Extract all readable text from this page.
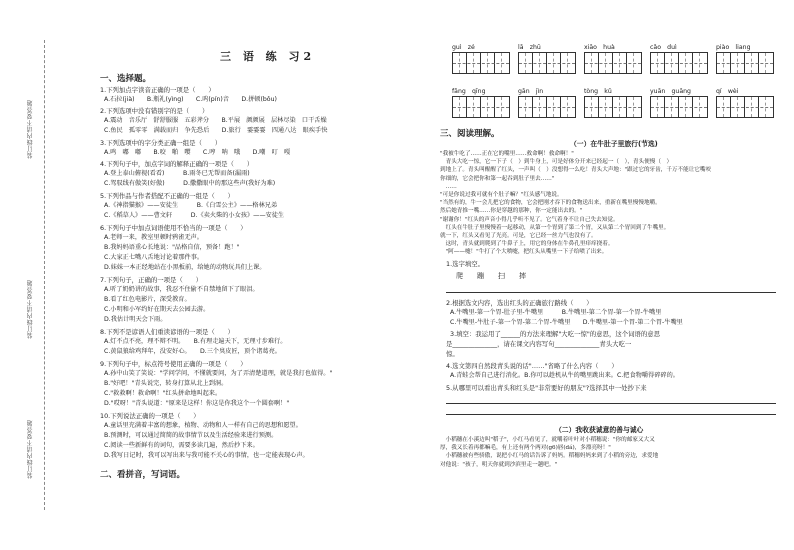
装订线内请不要答题
装订线内请不要答题
装订线内请不要答题
三 语 练 习2
一、选择题。
1.下列加点字读音正确的一项是（　　）
A.石拉(jià)　　B.瓶礼(yìng)　　C.呜(pín)音　　D.拼顿(bǒu)
2.下列选项中没有错别字的是（　　）
A.震动　音乐厅　舒舒服服　五彩斧分　　B.平展　颜颜展　层林尽染　口干舌燥
C.鱼民　孤零零　满载而归　争先恐后　　D.旅行　霎霎霎　四通八达　眼疾手快
3.下列选项中的字分类正确一组是（　　）
A.鸣　嘟　嘟　　B.咬　啪　嘤　　C.哼　呐　哦　　D.嘲　叮　嘎
4.下列句子中，加点字词的解释正确的一项是（　　）
A.登上泰山俯视(看看)　　　B.雨冬已无帮而备(漏雨)
C.驾驭线有傲笑(好傲)　　　D.撒撒眼中的那这些声(我好为难)
5.下列作品与作者搭配不正确的一组是（　　）
A.《神指猫猴》——安徒生　　　B.《白雪公主》——格林兄弟
C.《稻草人》——曹文轩　　　D.《卖火柴的小女孩》——安徒生
6.下列句子中加点词语使用不恰当的一项是（　　）
A.老师一来，教室里顿时鸦雀无声。
B.我妈妈语重心长地说："品格自信，预备！跑！"
C.大家正七嘴八舌地讨论着那件事。
D.妹妹一本正经地站在小黑板前，给她的动物玩具们上课。
7.下列句子，正确的一项是（　　）
A.听了奶奶讲的故事，我忍不住偷不自禁地留下了眼泪。
B.看了红色电影片，深受教育。
C.小明和小军约好在期天去公园去游。
D.我估计明天会下雨。
8.下列不是谚语人们重读谚语的一项是（　　）
A.灯不点不亮，理不辩不明。　　B.有理走遍天下，无理寸步难行。
C.黄鼠狼给鸡拜年，没安好心。　　D.三个臭皮匠，顶个诸葛亮。
9.下列句子中，标点符号使用正确的一项是（　　）
A.孙中山笑了笑说："学问学问，不懂就要问，为了弄清楚道理，就是我打也值得。"
B."好吧！"青头说完，转身打算从北上到洞。
C."救救啊！救命啊！"红头拼命地叫起来。
D."哎呀！"青头说道："原来是这样！你这是你我这个一个圆套啊！"
10.下列说法正确的一项是（　　）
A.童话里充满着丰富的想象，植物、动物和人一样有自己的思想和愿望。
B.预测时，可以通过简简的故事情节以及生活经验来进行预测。
C.阅读一些新鲜有的词句，需要多读几遍，然后抄下来。
D.我写日记时，我可以写出来与我可能不关心的事情，也一定能表现心声。
二、看拼音，写词语。
guì　zé	lā　zhū	xiāo　huà	cǎo　duì	piào　liang
fāng　qīng	gān　jìn	tòng　kǔ	yuān　guāng	qí　wèi
三、阅读理解。
（一）在牛肚子里旅行(节选)
"我被牛吃了……正在它的嘴里……救命啊！救命啊！"
　青头大吃一惊，它一下子（　）到牛身上，可是好体分开来已经起一（　），青头便慢（　）
到地上了。青头叫醒醒了红头，一声叫（　）没想得一么吃！青头大声地："跟过它的牙齿，千万不能让它嘴咬
你细的，它会把你和第一起吞到肚子里去……"
　……
"可是你说过我可就有个肚子嘛？"红头感气地说。
"当然有的，牛一会儿把它的食物，它会把刚才吞下的食物送出来，重新在嘴里慢慢地嚼。
然后她青推一嘴……你是穿越的那种，你一定能出去的。"
"谢谢你！"红头的声音小得几乎听不见了。它气着身不让自己失去知觉。
　红头在牛肚子里慢慢着一起移动，从第一个胃到了第二个胃，又从第二个胃回到了牛嘴里。
就一下，红头又看见了光亮。可是，它已经一丝力气也没有了。
　这时，青头就到爬到了牛鼻子上，用它的身体在牛鼻孔里痒痒挠着。
　"阿——嚏！"牛打了个大喷嚏，把红头从嘴里一下子给喷了出来。
1.选字填空。
爬　　蹦　　扫　　摔
2.根据选文内容，选出红头的正确旅行路线（　　）
A.牛嘴里-第一个胃-肚子里-牛嘴里　　　B.牛嘴里-第二个胃-第一个胃-牛嘴里
C.牛嘴里-牛肚子-第一个胃-第二个胃-牛嘴里　　D.牛嘴里-第一个胃-第二个胃-牛嘴里
3.填空：我运用了______的方法来理解"大吃一惊"的意思，这个词语的意思
是______________，请在课文内容写句______________青头大吃一
惊。
4.选文第四自然段青头说的话"……"省略了什么内容（　　）
A.青蛙会帮自己进行消化。B.你可以趁机从牛的嘴里跳出来。C.把食物嚼得碎碎的。
5.从哪里可以看出青头和红头是"非常要好的朋友"?选择其中一处抄下来
（二）我收获诚意的善与诚心
　小稻穗在小溪边叫"稻子"，小红马看见了，就嚼着叶叶对小稻穗说："你的邮家又大又
厚，我又长着再都嘛毛，有上还有两个两对(g6)唇(dá)，多漂亮呀！"
　小稻穗被有些骄傲，说把小红马的话告诉了妈妈。稻穗妈妈来到了小稻的旁边，求爱地
对他说："孩子，明天你就到沙滨里走一趟吧。"
